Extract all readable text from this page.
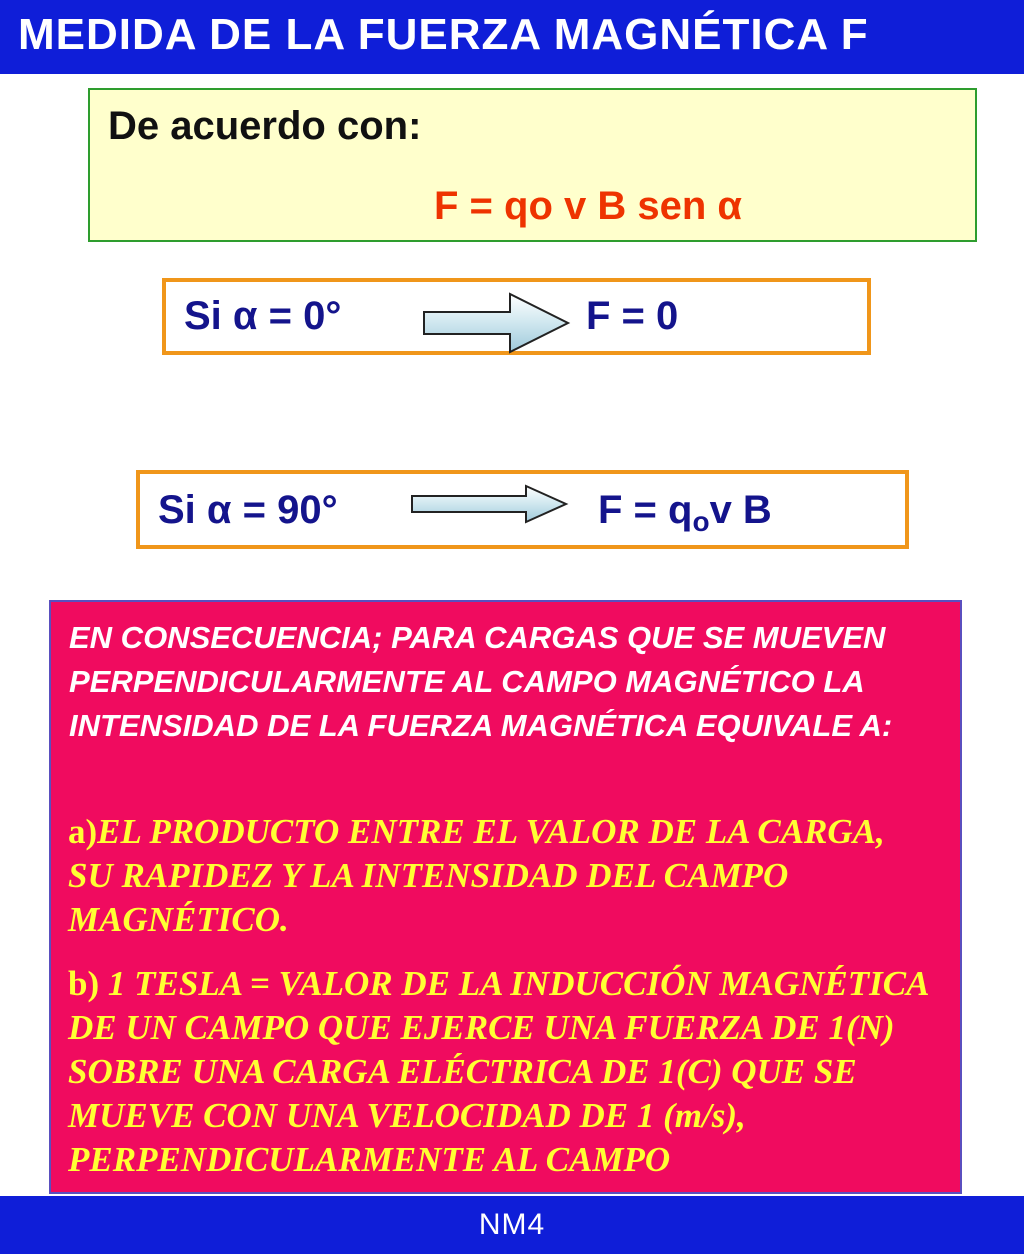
MEDIDA DE LA FUERZA MAGNÉTICA F
De acuerdo con:
F = qo v B sen α
Si α = 0°	F = 0
Si α = 90°	$F = q_ov$ B

EN CONSECUENCIA; PARA CARGAS QUE SE MUEVEN PERPENDICULARMENTE AL CAMPO MAGNÉTICO LA INTENSIDAD DE LA FUERZA MAGNÉTICA EQUIVALE A:

a)EL PRODUCTO ENTRE EL VALOR DE LA CARGA, SU RAPIDEZ Y LA INTENSIDAD DEL CAMPO MAGNÉTICO.

b) 1 TESLA = VALOR DE LA INDUCCIÓN MAGNÉTICA DE UN CAMPO QUE EJERCE UNA FUERZA DE 1(N) SOBRE UNA CARGA ELÉCTRICA DE 1(C) QUE SE MUEVE CON UNA VELOCIDAD DE 1 (m/s), PERPENDICULARMENTE AL CAMPO

NM4
